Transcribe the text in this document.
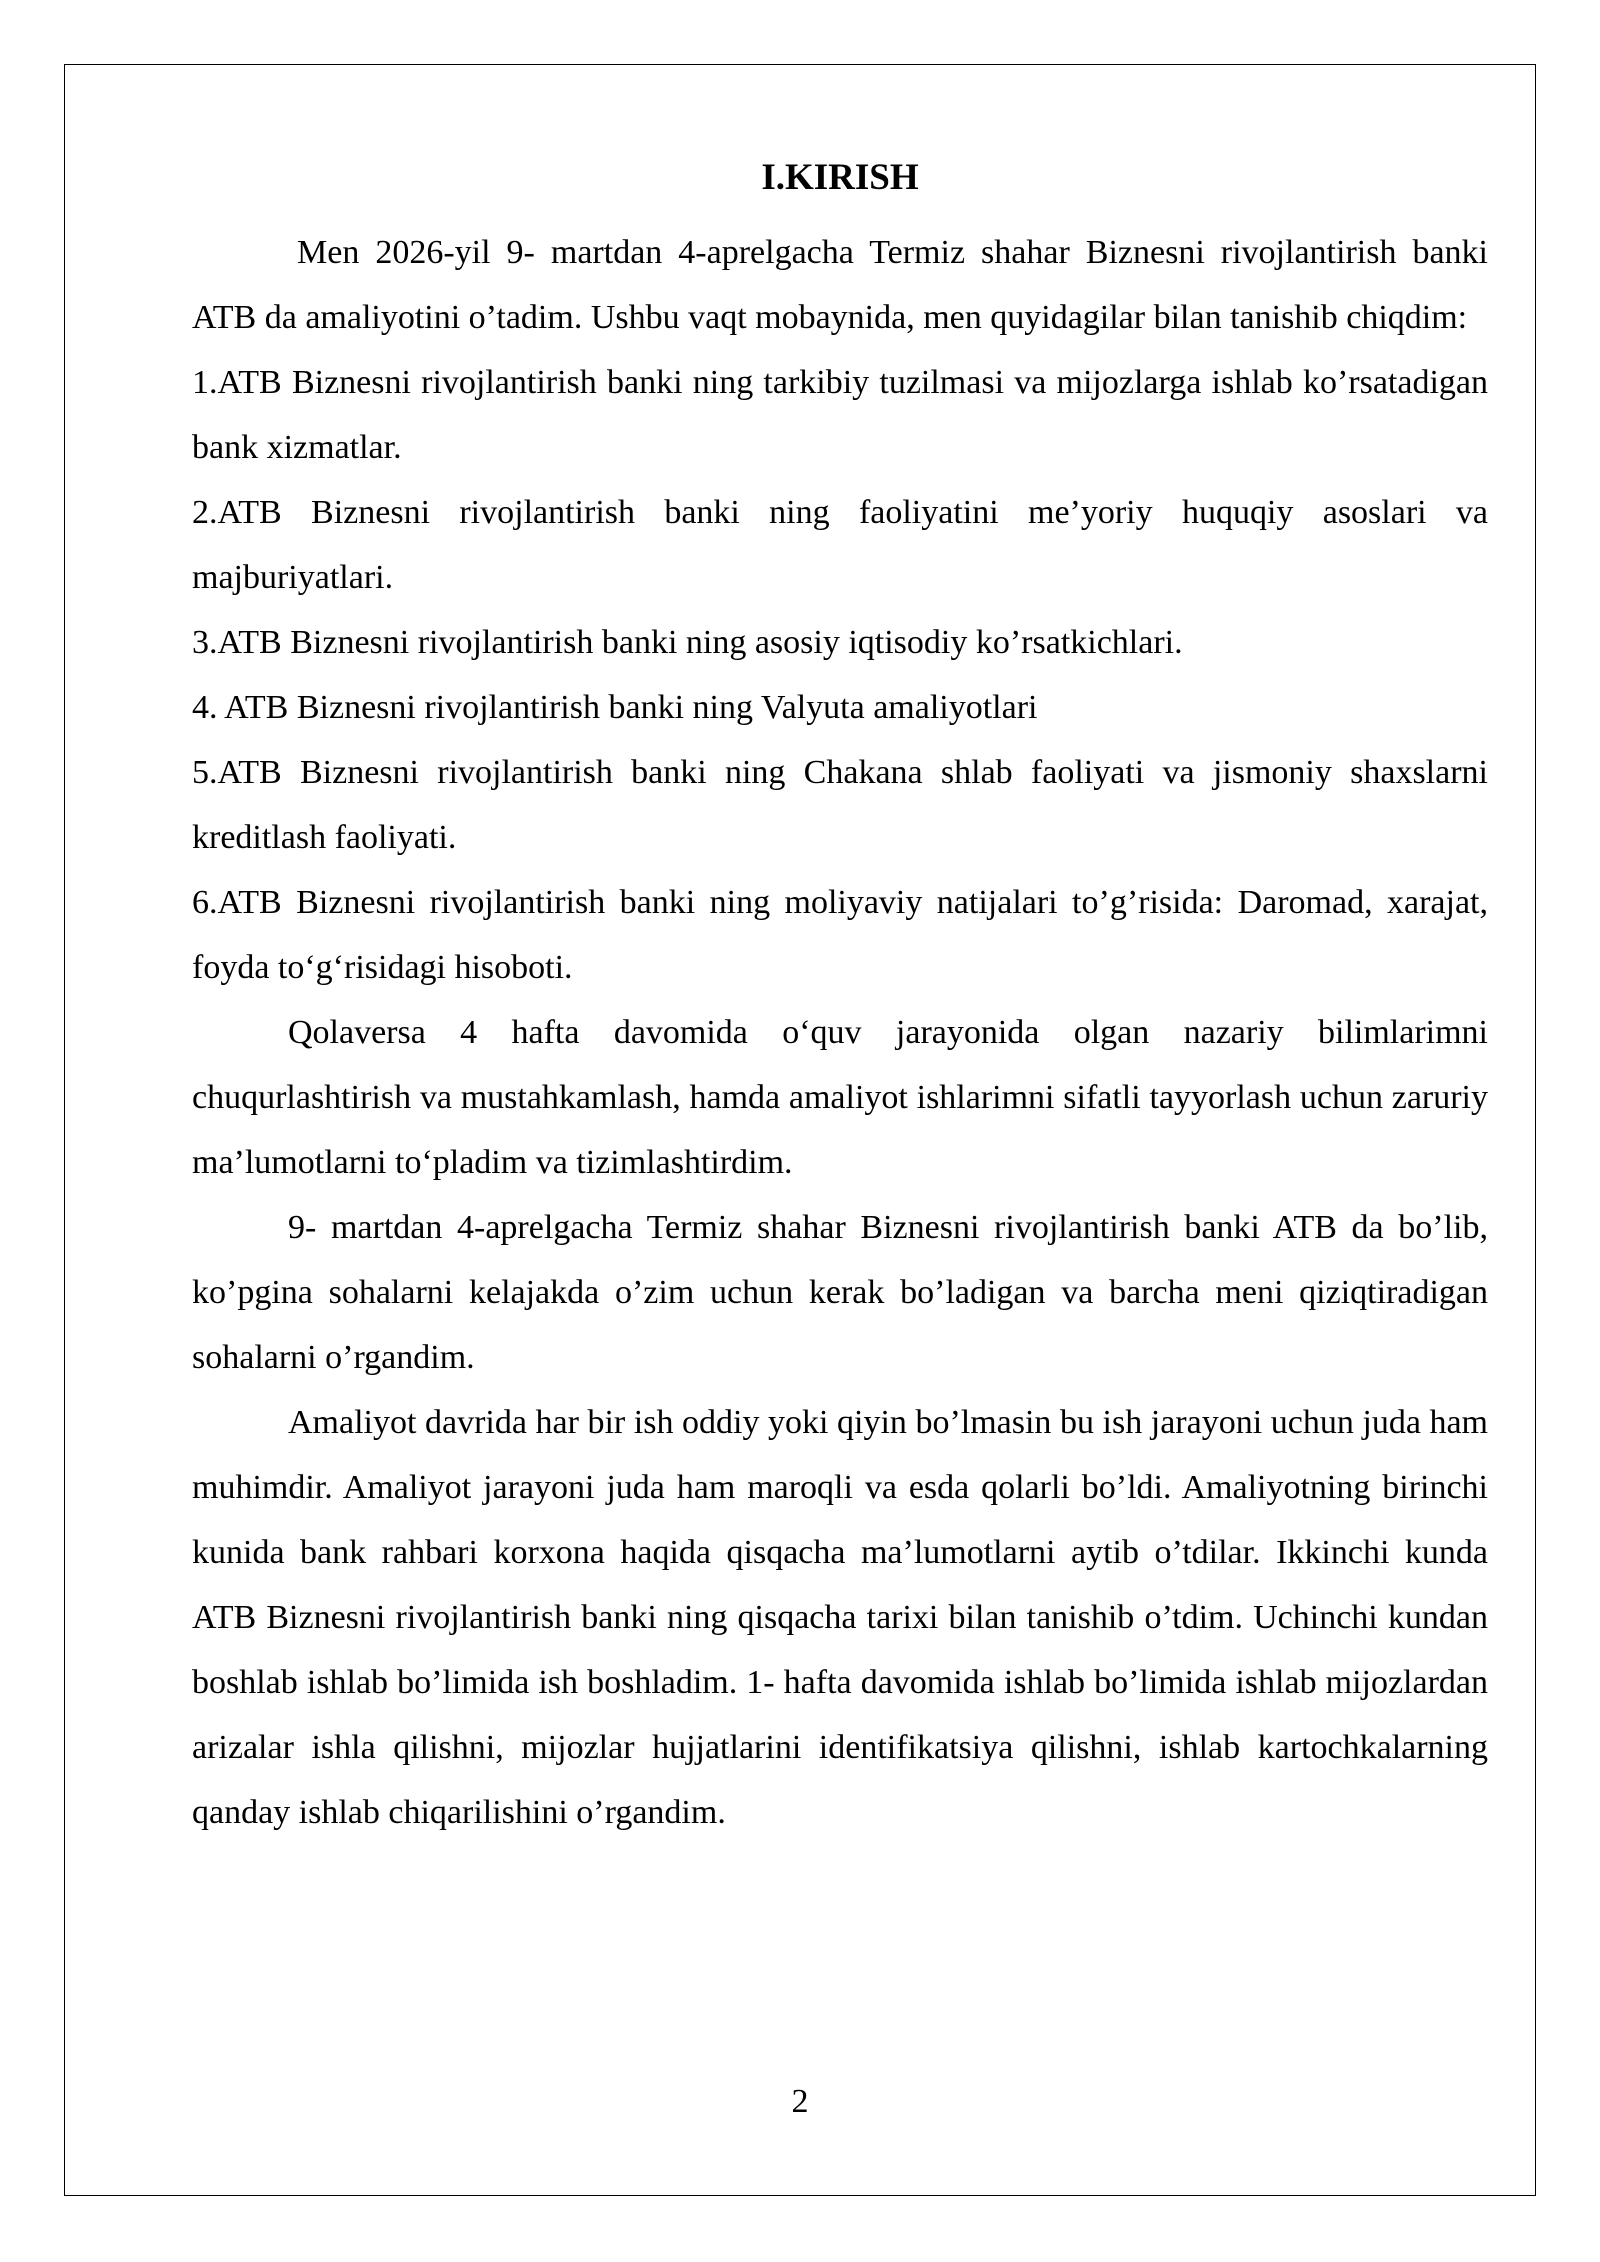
I.KIRISH

Men 2026-yil 9- martdan 4-aprelgacha Termiz shahar Biznesni rivojlantirish banki ATB da amaliyotini o’tadim. Ushbu vaqt mobaynida, men quyidagilar bilan tanishib chiqdim:

1.ATB Biznesni rivojlantirish banki ning tarkibiy tuzilmasi va mijozlarga ishlab ko’rsatadigan bank xizmatlar.

2.ATB Biznesni rivojlantirish banki ning faoliyatini me’yoriy huquqiy asoslari va majburiyatlari.

3.ATB Biznesni rivojlantirish banki ning asosiy iqtisodiy ko’rsatkichlari.

4. ATB Biznesni rivojlantirish banki ning Valyuta amaliyotlari

5.ATB Biznesni rivojlantirish banki ning Chakana shlab faoliyati va jismoniy shaxslarni kreditlash faoliyati.

6.ATB Biznesni rivojlantirish banki ning moliyaviy natijalari to’g’risida: Daromad, xarajat, foyda to‘g‘risidagi hisoboti.

Qolaversa 4 hafta davomida o‘quv jarayonida olgan nazariy bilimlarimni chuqurlashtirish va mustahkamlash, hamda amaliyot ishlarimni sifatli tayyorlash uchun zaruriy ma’lumotlarni to‘pladim va tizimlashtirdim.

9- martdan 4-aprelgacha Termiz shahar Biznesni rivojlantirish banki ATB da bo’lib, ko’pgina sohalarni kelajakda o’zim uchun kerak bo’ladigan va barcha meni qiziqtiradigan sohalarni o’rgandim.

Amaliyot davrida har bir ish oddiy yoki qiyin bo’lmasin bu ish jarayoni uchun juda ham muhimdir. Amaliyot jarayoni juda ham maroqli va esda qolarli bo’ldi. Amaliyotning birinchi kunida bank rahbari korxona haqida qisqacha ma’lumotlarni aytib o’tdilar. Ikkinchi kunda ATB Biznesni rivojlantirish banki ning qisqacha tarixi bilan tanishib o’tdim. Uchinchi kundan boshlab ishlab bo’limida ish boshladim. 1- hafta davomida ishlab bo’limida ishlab mijozlardan arizalar ishla qilishni, mijozlar hujjatlarini identifikatsiya qilishni, ishlab kartochkalarning qanday ishlab chiqarilishini o’rgandim.

2
